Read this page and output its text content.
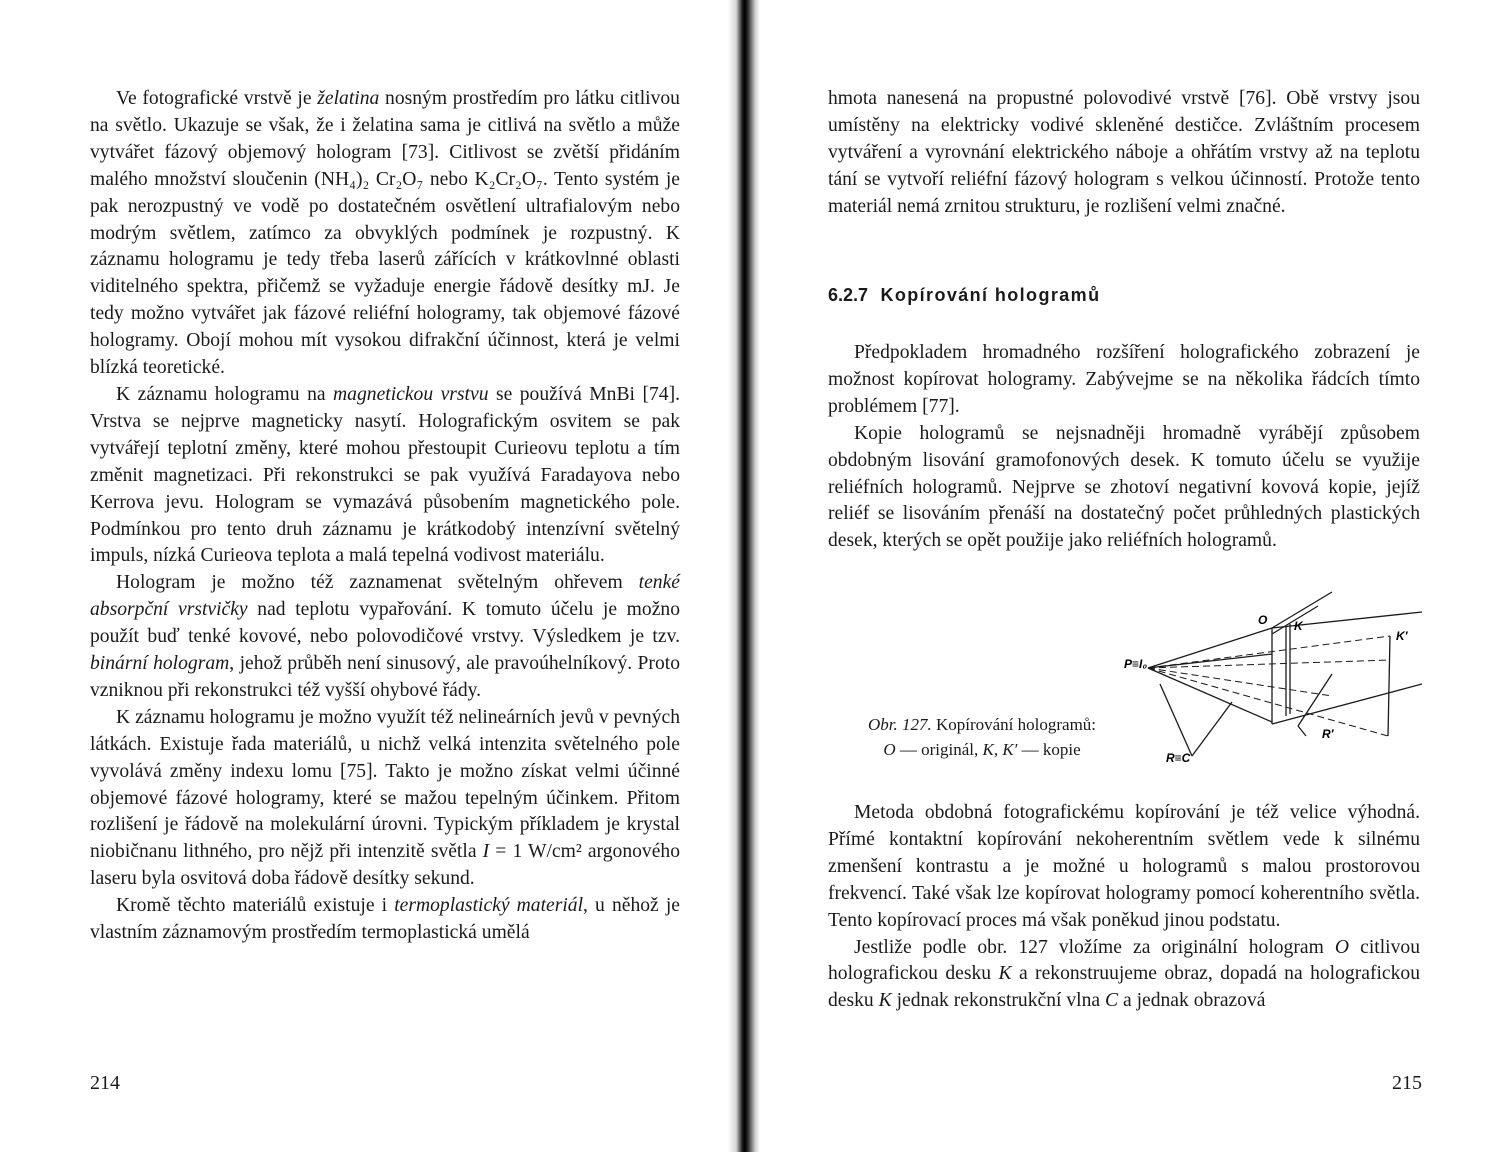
Ve fotografické vrstvě je želatina nosným prostředím pro látku citlivou na světlo. Ukazuje se však, že i želatina sama je citlivá na světlo a může vytvářet fázový objemový hologram [73]. Citlivost se zvětší přidáním malého množství sloučenin (NH₄)₂ Cr₂O₇ nebo K₂Cr₂O₇. Tento systém je pak nerozpustný ve vodě po dostatečném osvětlení ultrafialovým nebo modrým světlem, zatímco za obvyklých podmínek je rozpustný. K záznamu hologramu je tedy třeba laserů zářících v krátkovlnné oblasti viditelného spektra, přičemž se vyžaduje energie řádově desítky mJ. Je tedy možno vytvářet jak fázové reliéfní hologramy, tak objemové fázové hologramy. Obojí mohou mít vysokou difrakční účinnost, která je velmi blízká teoretické.

K záznamu hologramu na magnetickou vrstvu se používá MnBi [74]. Vrstva se nejprve magneticky nasytí. Holografickým osvitem se pak vytvářejí teplotní změny, které mohou přestoupit Curieovu teplotu a tím změnit magnetizaci. Při rekonstrukci se pak využívá Faradayova nebo Kerrova jevu. Hologram se vymazává působením magnetického pole. Podmínkou pro tento druh záznamu je krátkodobý intenzívní světelný impuls, nízká Curieova teplota a malá tepelná vodivost materiálu.

Hologram je možno též zaznamenat světelným ohřevem tenké absorpční vrstvičky nad teplotu vypařování. K tomuto účelu je možno použít buď tenké kovové, nebo polovodičové vrstvy. Výsledkem je tzv. binární hologram, jehož průběh není sinusový, ale pravoúhelníkový. Proto vzniknou při rekonstrukci též vyšší ohybové řády.

K záznamu hologramu je možno využít též nelineárních jevů v pevných látkách. Existuje řada materiálů, u nichž velká intenzita světelného pole vyvolává změny indexu lomu [75]. Takto je možno získat velmi účinné objemové fázové hologramy, které se mažou tepelným účinkem. Přitom rozlišení je řádově na molekulární úrovni. Typickým příkladem je krystal niobičnanu lithného, pro nějž při intenzitě světla I = 1 W/cm² argonového laseru byla osvitová doba řádově desítky sekund.

Kromě těchto materiálů existuje i termoplastický materiál, u něhož je vlastním záznamovým prostředím termoplastická umělá

214

hmota nanesená na propustné polovodivé vrstvě [76]. Obě vrstvy jsou umístěny na elektricky vodivé skleněné destičce. Zvláštním procesem vytváření a vyrovnání elektrického náboje a ohřátím vrstvy až na teplotu tání se vytvoří reliéfní fázový hologram s velkou účinností. Protože tento materiál nemá zrnitou strukturu, je rozlišení velmi značné.

6.2.7 Kopírování hologramů

Předpokladem hromadného rozšíření holografického zobrazení je možnost kopírovat hologramy. Zabývejme se na několika řádcích tímto problémem [77].

Kopie hologramů se nejsnadněji hromadně vyrábějí způsobem obdobným lisování gramofonových desek. K tomuto účelu se využije reliéfních hologramů. Nejprve se zhotoví negativní kovová kopie, jejíž reliéf se lisováním přenáší na dostatečný počet průhledných plastických desek, kterých se opět použije jako reliéfních hologramů.

Obr. 127. Kopírování hologramů:
O — originál, K, K′ — kopie
O K
K′
P≡I₀
R′
R≡C

Metoda obdobná fotografickému kopírování je též velice výhodná. Přímé kontaktní kopírování nekoherentním světlem vede k silnému zmenšení kontrastu a je možné u hologramů s malou prostorovou frekvencí. Také však lze kopírovat hologramy pomocí koherentního světla. Tento kopírovací proces má však poněkud jinou podstatu.

Jestliže podle obr. 127 vložíme za originální hologram O citlivou holografickou desku K a rekonstruujeme obraz, dopadá na holografickou desku K jednak rekonstrukční vlna C a jednak obrazová

215
